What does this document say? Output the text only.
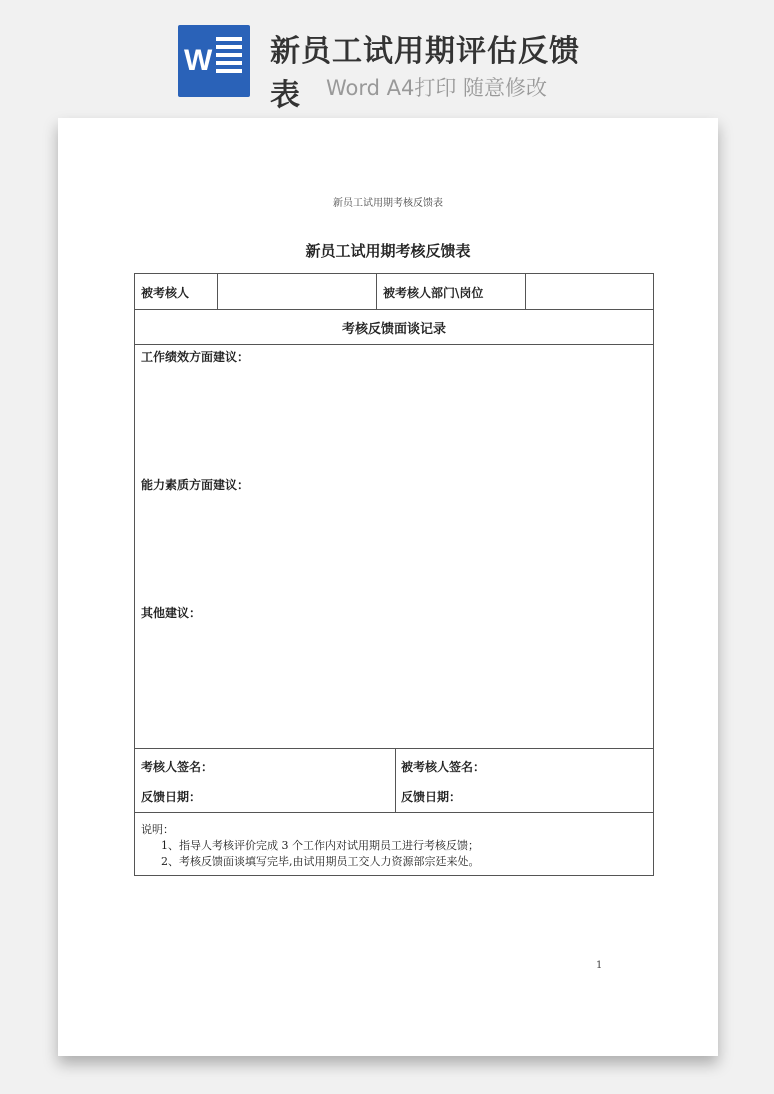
W 新员工试用期评估反馈表	Word A4打印 随意修改
新员工试用期考核反馈表
新员工试用期考核反馈表
被考核人	被考核人部门\岗位
考核反馈面谈记录
工作绩效方面建议：
能力素质方面建议：
其他建议：
考核人签名：
反馈日期：
被考核人签名：
反馈日期：
说明：
1、指导人考核评价完成 3 个工作内对试用期员工进行考核反馈；
2、考核反馈面谈填写完毕,由试用期员工交人力资源部宗廷来处。
1
